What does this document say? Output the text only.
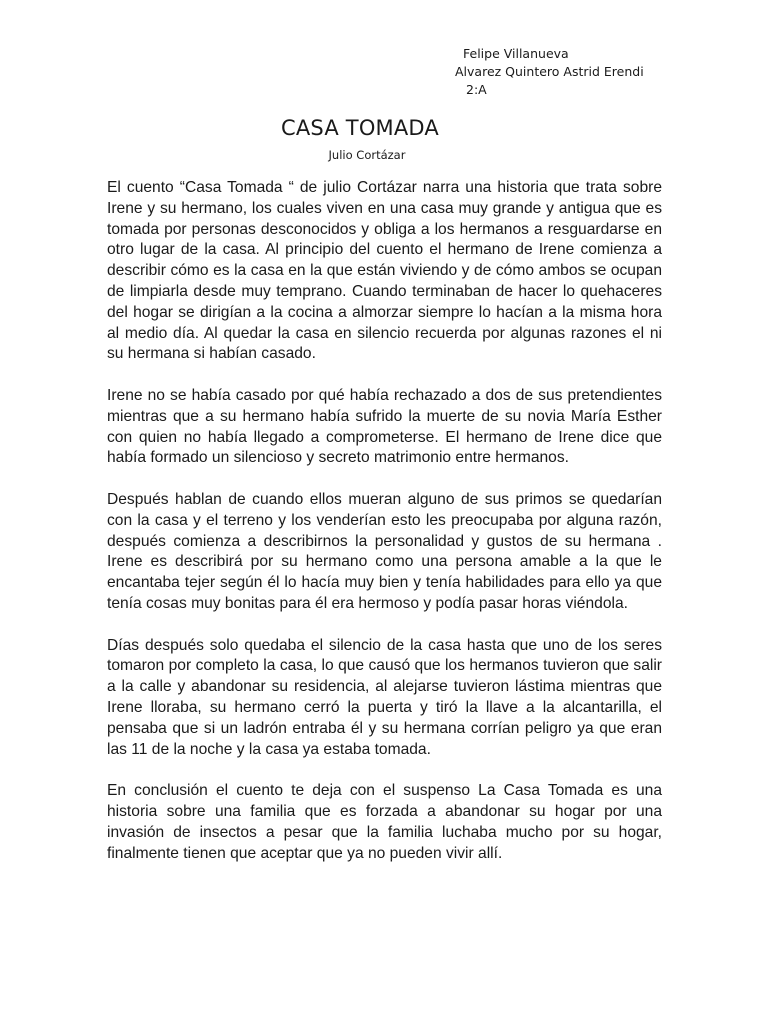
Felipe Villanueva
Alvarez Quintero Astrid Erendi
2:A
CASA TOMADA
Julio Cortázar

El cuento “Casa Tomada “ de julio Cortázar narra una historia que trata sobre Irene y su hermano, los cuales viven en una casa muy grande y antigua que es tomada por personas desconocidos y obliga a los hermanos a resguardarse en otro lugar de la casa. Al principio del cuento el hermano de Irene comienza a describir cómo es la casa en la que están viviendo y de cómo ambos se ocupan de limpiarla desde muy temprano. Cuando terminaban de hacer lo quehaceres del hogar se dirigían a la cocina a almorzar siempre lo hacían a la misma hora al medio día. Al quedar la casa en silencio recuerda por algunas razones el ni su hermana si habían casado.

Irene no se había casado por qué había rechazado a dos de sus pretendientes mientras que a su hermano había sufrido la muerte de su novia María Esther con quien no había llegado a comprometerse. El hermano de Irene dice que había formado un silencioso y secreto matrimonio entre hermanos.

Después hablan de cuando ellos mueran alguno de sus primos se quedarían con la casa y el terreno y los venderían esto les preocupaba por alguna razón, después comienza a describirnos la personalidad y gustos de su hermana . Irene es describirá por su hermano como una persona amable a la que le encantaba tejer según él lo hacía muy bien y tenía habilidades para ello ya que tenía cosas muy bonitas para él era hermoso y podía pasar horas viéndola.

Días después solo quedaba el silencio de la casa hasta que uno de los seres tomaron por completo la casa, lo que causó que los hermanos tuvieron que salir a la calle y abandonar su residencia, al alejarse tuvieron lástima mientras que Irene lloraba, su hermano cerró la puerta y tiró la llave a la alcantarilla, el pensaba que si un ladrón entraba él y su hermana corrían peligro ya que eran las 11 de la noche y la casa ya estaba tomada.

En conclusión el cuento te deja con el suspenso La Casa Tomada es una historia sobre una familia que es forzada a abandonar su hogar por una invasión de insectos a pesar que la familia luchaba mucho por su hogar, finalmente tienen que aceptar que ya no pueden vivir allí.
